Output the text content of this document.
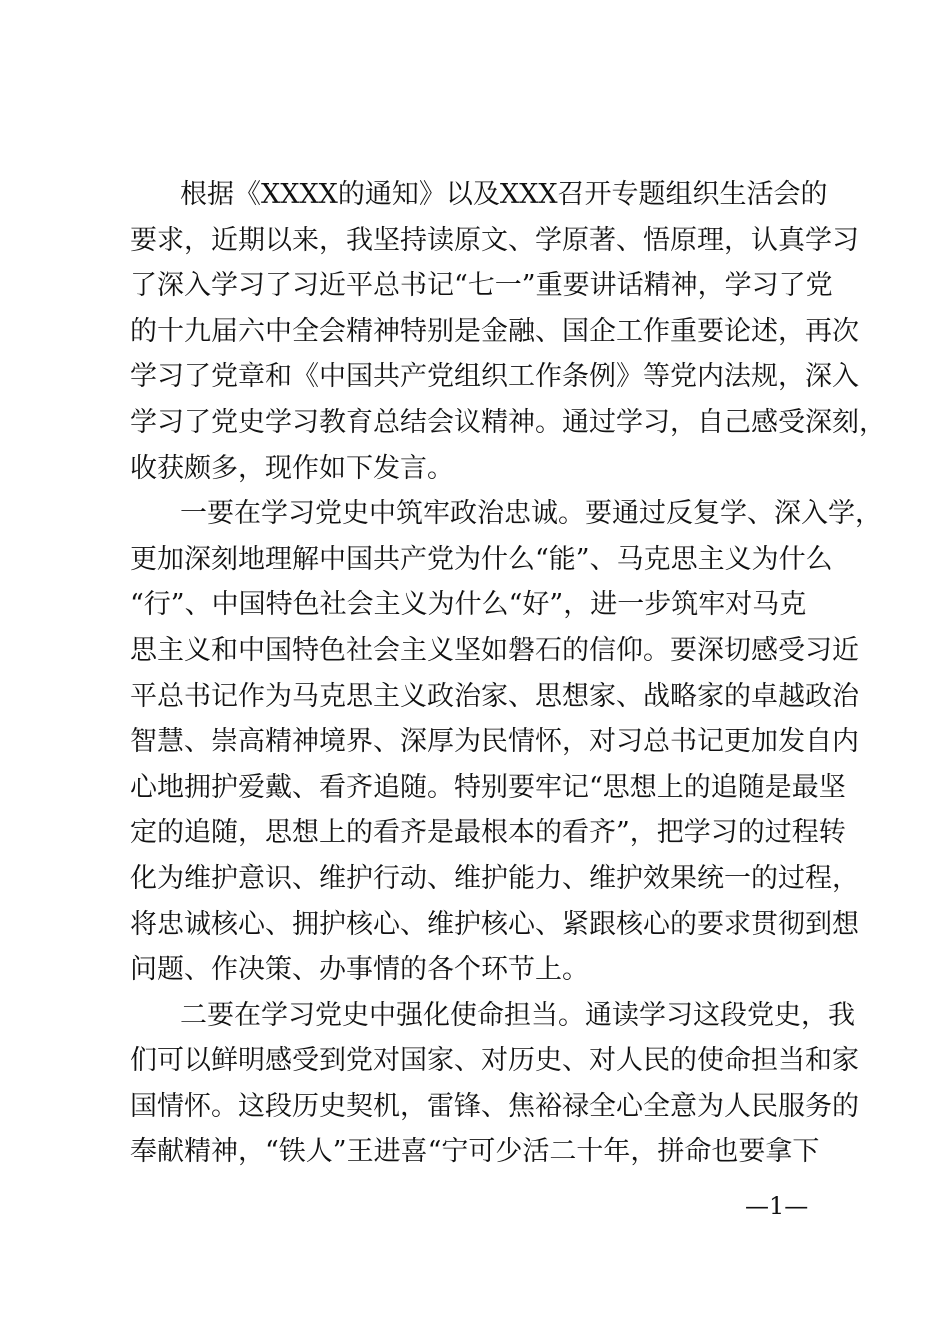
根据《XXXX的通知》以及XXX召开专题组织生活会的
要求，近期以来，我坚持读原文、学原著、悟原理，认真学习
了深入学习了习近平总书记“七一”重要讲话精神，学习了党
的十九届六中全会精神特别是金融、国企工作重要论述，再次
学习了党章和《中国共产党组织工作条例》等党内法规，深入
学习了党史学习教育总结会议精神。通过学习，自己感受深刻，
收获颇多，现作如下发言。
一要在学习党史中筑牢政治忠诚。要通过反复学、深入学，
更加深刻地理解中国共产党为什么“能”、马克思主义为什么
“行”、中国特色社会主义为什么“好”，进一步筑牢对马克
思主义和中国特色社会主义坚如磐石的信仰。要深切感受习近
平总书记作为马克思主义政治家、思想家、战略家的卓越政治
智慧、崇高精神境界、深厚为民情怀，对习总书记更加发自内
心地拥护爱戴、看齐追随。特别要牢记“思想上的追随是最坚
定的追随，思想上的看齐是最根本的看齐”，把学习的过程转
化为维护意识、维护行动、维护能力、维护效果统一的过程，
将忠诚核心、拥护核心、维护核心、紧跟核心的要求贯彻到想
问题、作决策、办事情的各个环节上。
二要在学习党史中强化使命担当。通读学习这段党史，我
们可以鲜明感受到党对国家、对历史、对人民的使命担当和家
国情怀。这段历史契机，雷锋、焦裕禄全心全意为人民服务的
奉献精神，“铁人”王进喜“宁可少活二十年，拼命也要拿下
—1—
